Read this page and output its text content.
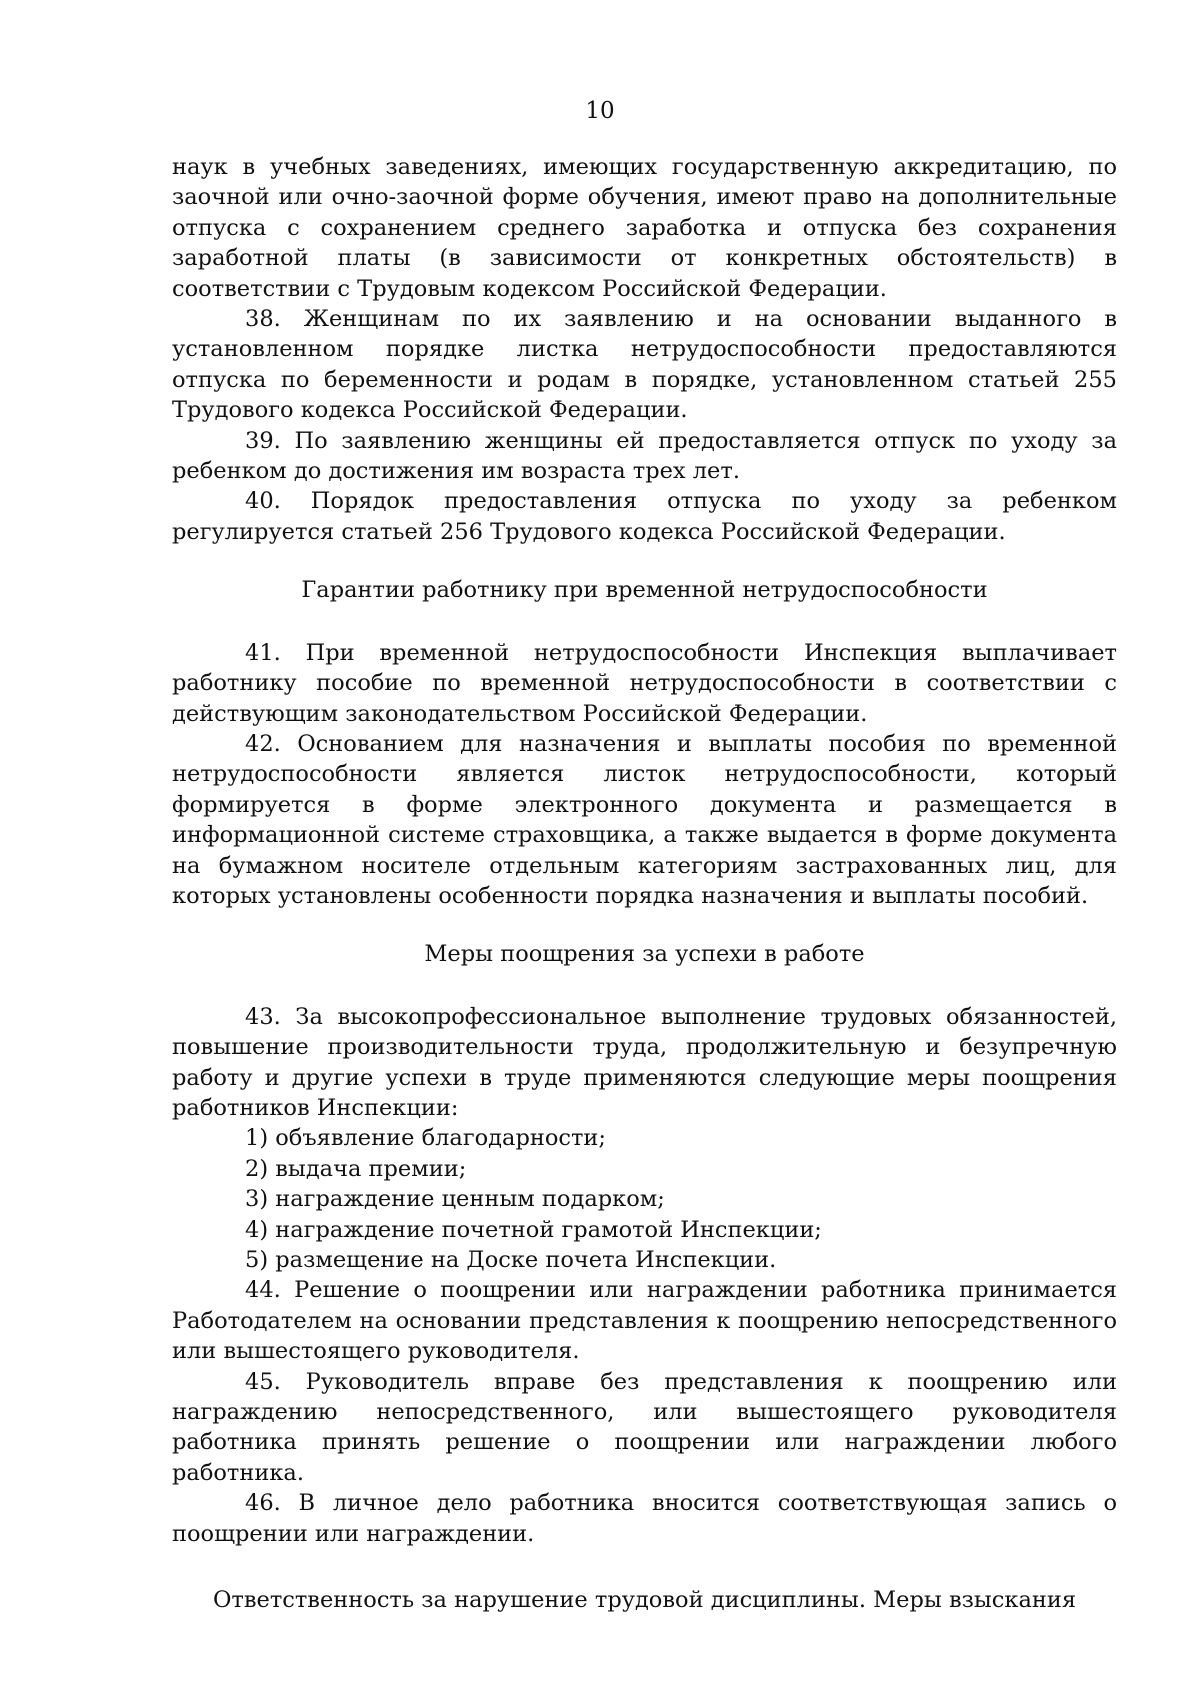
10

наук в учебных заведениях, имеющих государственную аккредитацию, по заочной или очно-заочной форме обучения, имеют право на дополнительные отпуска с сохранением среднего заработка и отпуска без сохранения заработной платы (в зависимости от конкретных обстоятельств) в соответствии с Трудовым кодексом Российской Федерации.

38. Женщинам по их заявлению и на основании выданного в установленном порядке листка нетрудоспособности предоставляются отпуска по беременности и родам в порядке, установленном статьей 255 Трудового кодекса Российской Федерации.

39. По заявлению женщины ей предоставляется отпуск по уходу за ребенком до достижения им возраста трех лет.

40. Порядок предоставления отпуска по уходу за ребенком регулируется статьей 256 Трудового кодекса Российской Федерации.

Гарантии работнику при временной нетрудоспособности

41. При временной нетрудоспособности Инспекция выплачивает работнику пособие по временной нетрудоспособности в соответствии с действующим законодательством Российской Федерации.

42. Основанием для назначения и выплаты пособия по временной нетрудоспособности является листок нетрудоспособности, который формируется в форме электронного документа и размещается в информационной системе страховщика, а также выдается в форме документа на бумажном носителе отдельным категориям застрахованных лиц, для которых установлены особенности порядка назначения и выплаты пособий.

Меры поощрения за успехи в работе

43. За высокопрофессиональное выполнение трудовых обязанностей, повышение производительности труда, продолжительную и безупречную работу и другие успехи в труде применяются следующие меры поощрения работников Инспекции:

1) объявление благодарности;

2) выдача премии;

3) награждение ценным подарком;

4) награждение почетной грамотой Инспекции;

5) размещение на Доске почета Инспекции.

44. Решение о поощрении или награждении работника принимается Работодателем на основании представления к поощрению непосредственного или вышестоящего руководителя.

45. Руководитель вправе без представления к поощрению или награждению непосредственного, или вышестоящего руководителя работника принять решение о поощрении или награждении любого работника.

46. В личное дело работника вносится соответствующая запись о поощрении или награждении.

Ответственность за нарушение трудовой дисциплины. Меры взыскания
